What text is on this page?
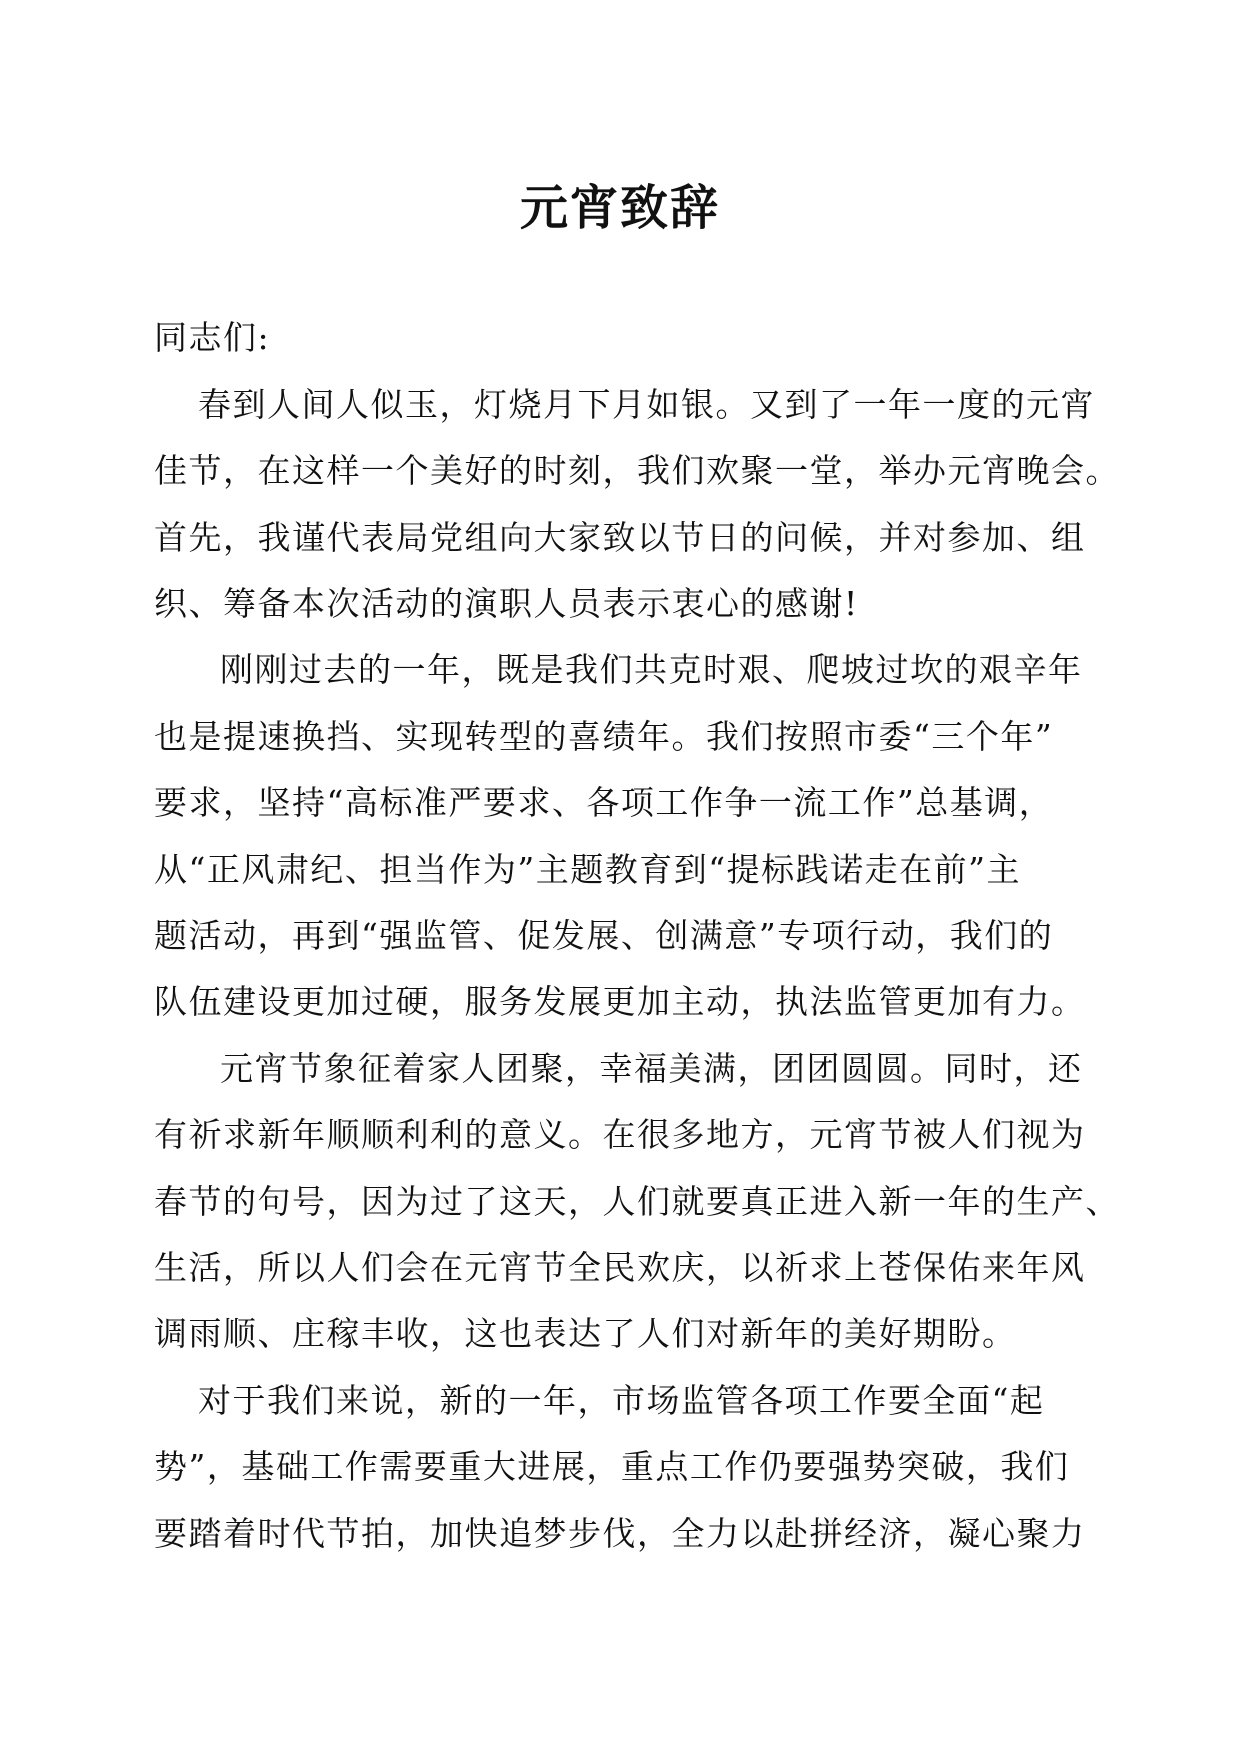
元宵致辞
同志们:
春到人间人似玉，灯烧月下月如银。又到了一年一度的元宵
佳节，在这样一个美好的时刻，我们欢聚一堂，举办元宵晚会。
首先，我谨代表局党组向大家致以节日的问候，并对参加、组
织、筹备本次活动的演职人员表示衷心的感谢!
刚刚过去的一年，既是我们共克时艰、爬坡过坎的艰辛年
也是提速换挡、实现转型的喜绩年。我们按照市委“三个年”
要求，坚持“高标准严要求、各项工作争一流工作”总基调，
从“正风肃纪、担当作为”主题教育到“提标践诺走在前”主
题活动，再到“强监管、促发展、创满意”专项行动，我们的
队伍建设更加过硬，服务发展更加主动，执法监管更加有力。
元宵节象征着家人团聚，幸福美满，团团圆圆。同时，还
有祈求新年顺顺利利的意义。在很多地方，元宵节被人们视为
春节的句号，因为过了这天，人们就要真正进入新一年的生产、
生活，所以人们会在元宵节全民欢庆，以祈求上苍保佑来年风
调雨顺、庄稼丰收，这也表达了人们对新年的美好期盼。
对于我们来说，新的一年，市场监管各项工作要全面“起
势”，基础工作需要重大进展，重点工作仍要强势突破，我们
要踏着时代节拍，加快追梦步伐，全力以赴拼经济，凝心聚力
